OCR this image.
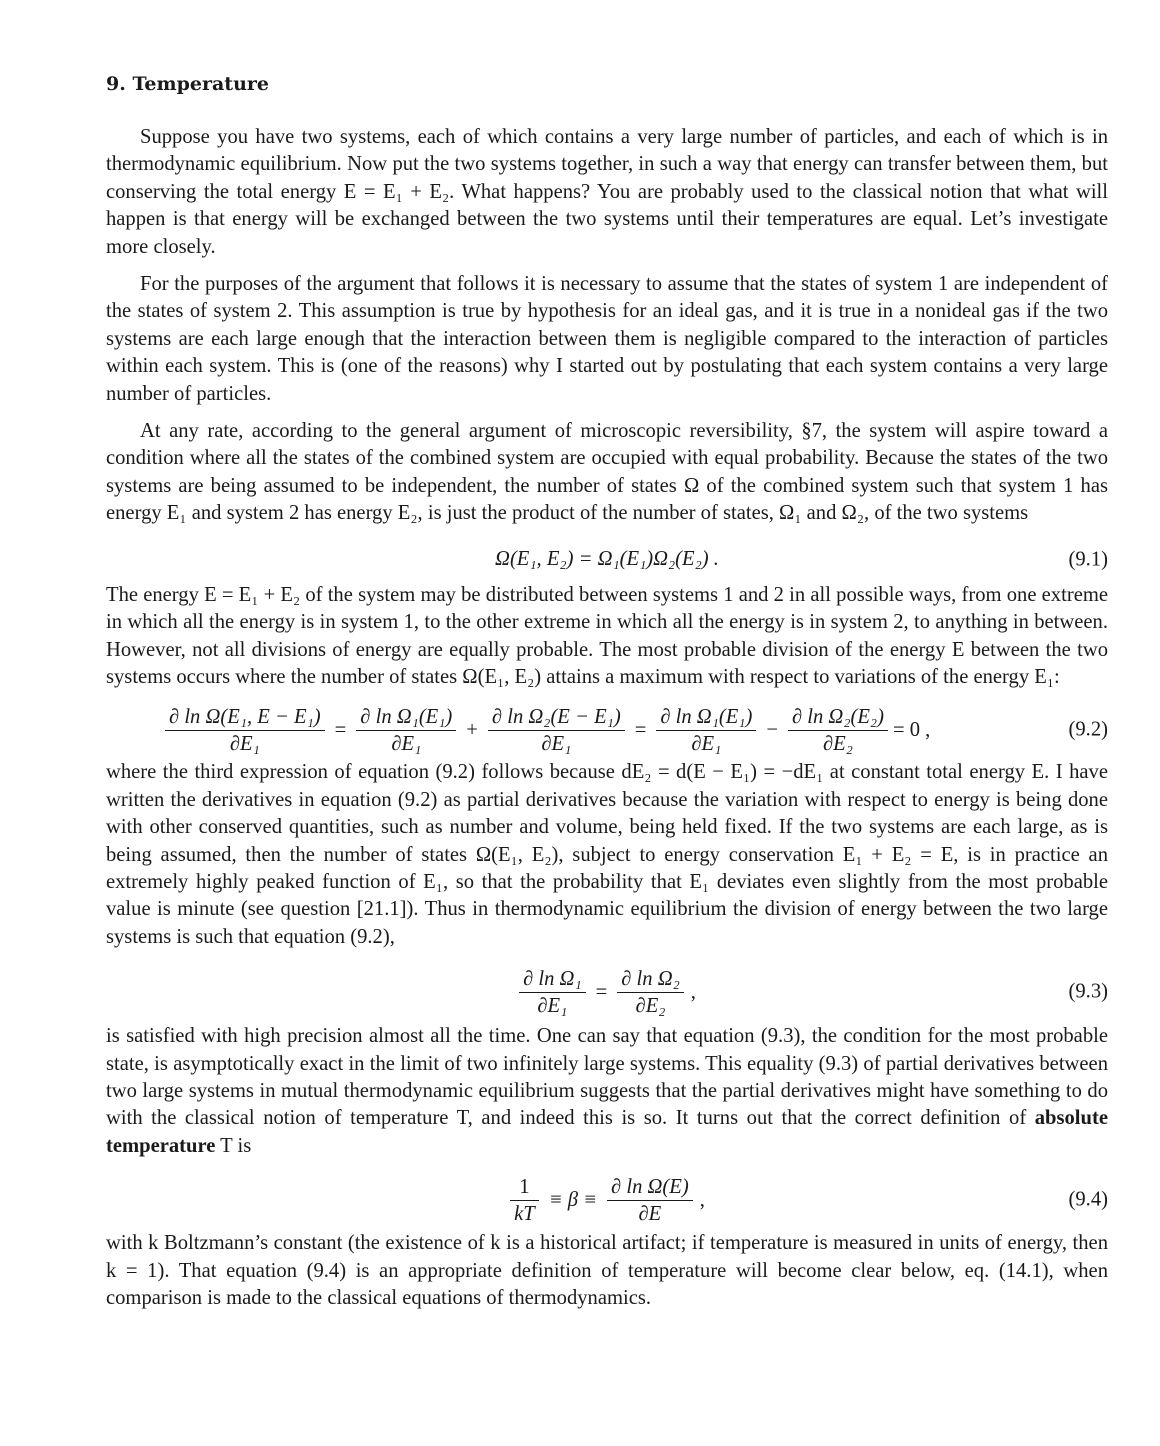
9. Temperature

Suppose you have two systems, each of which contains a very large number of particles, and each of which is in thermodynamic equilibrium. Now put the two systems together, in such a way that energy can transfer between them, but conserving the total energy E = E₁ + E₂. What happens? You are probably used to the classical notion that what will happen is that energy will be exchanged between the two systems until their temperatures are equal. Let’s investigate more closely.

For the purposes of the argument that follows it is necessary to assume that the states of system 1 are independent of the states of system 2. This assumption is true by hypothesis for an ideal gas, and it is true in a nonideal gas if the two systems are each large enough that the interaction between them is negligible compared to the interaction of particles within each system. This is (one of the reasons) why I started out by postulating that each system contains a very large number of particles.

At any rate, according to the general argument of microscopic reversibility, §7, the system will aspire toward a condition where all the states of the combined system are occupied with equal probability. Because the states of the two systems are being assumed to be independent, the number of states Ω of the combined system such that system 1 has energy E₁ and system 2 has energy E₂, is just the product of the number of states, Ω₁ and Ω₂, of the two systems

Ω(E₁, E₂) = Ω₁(E₁)Ω₂(E₂) .	(9.1)

The energy E = E₁ + E₂ of the system may be distributed between systems 1 and 2 in all possible ways, from one extreme in which all the energy is in system 1, to the other extreme in which all the energy is in system 2, to anything in between. However, not all divisions of energy are equally probable. The most probable division of the energy E between the two systems occurs where the number of states Ω(E₁, E₂) attains a maximum with respect to variations of the energy E₁:

$\frac{\text{∂ ln Ω(E₁, E − E₁)}}{\text{∂E₁}} = \frac{\text{∂ ln Ω₁(E₁)}}{\text{∂E₁}} + \frac{\text{∂ ln Ω₂(E − E₁)}}{\text{∂E₁}} = \frac{\text{∂ ln Ω₁(E₁)}}{\text{∂E₁}} - \frac{\text{∂ ln Ω₂(E₂)}}{\text{∂E₂}} = 0$ ,	(9.2)

where the third expression of equation (9.2) follows because dE₂ = d(E − E₁) = −dE₁ at constant total energy E. I have written the derivatives in equation (9.2) as partial derivatives because the variation with respect to energy is being done with other conserved quantities, such as number and volume, being held fixed. If the two systems are each large, as is being assumed, then the number of states Ω(E₁, E₂), subject to energy conservation E₁ + E₂ = E, is in practice an extremely highly peaked function of E₁, so that the probability that E₁ deviates even slightly from the most probable value is minute (see question [21.1]). Thus in thermodynamic equilibrium the division of energy between the two large systems is such that equation (9.2),

$\frac{\text{∂ ln Ω₁}}{\text{∂E₁}} = \frac{\text{∂ ln Ω₂}}{\text{∂E₂}}$ ,	(9.3)

is satisfied with high precision almost all the time. One can say that equation (9.3), the condition for the most probable state, is asymptotically exact in the limit of two infinitely large systems. This equality (9.3) of partial derivatives between two large systems in mutual thermodynamic equilibrium suggests that the partial derivatives might have something to do with the classical notion of temperature T, and indeed this is so. It turns out that the correct definition of absolute temperature T is

$\frac{1}{kT} \equiv \beta \equiv \frac{\text{∂ ln Ω(E)}}{\partial E}$ ,	(9.4)

with k Boltzmann’s constant (the existence of k is a historical artifact; if temperature is measured in units of energy, then k = 1). That equation (9.4) is an appropriate definition of temperature will become clear below, eq. (14.1), when comparison is made to the classical equations of thermodynamics.
